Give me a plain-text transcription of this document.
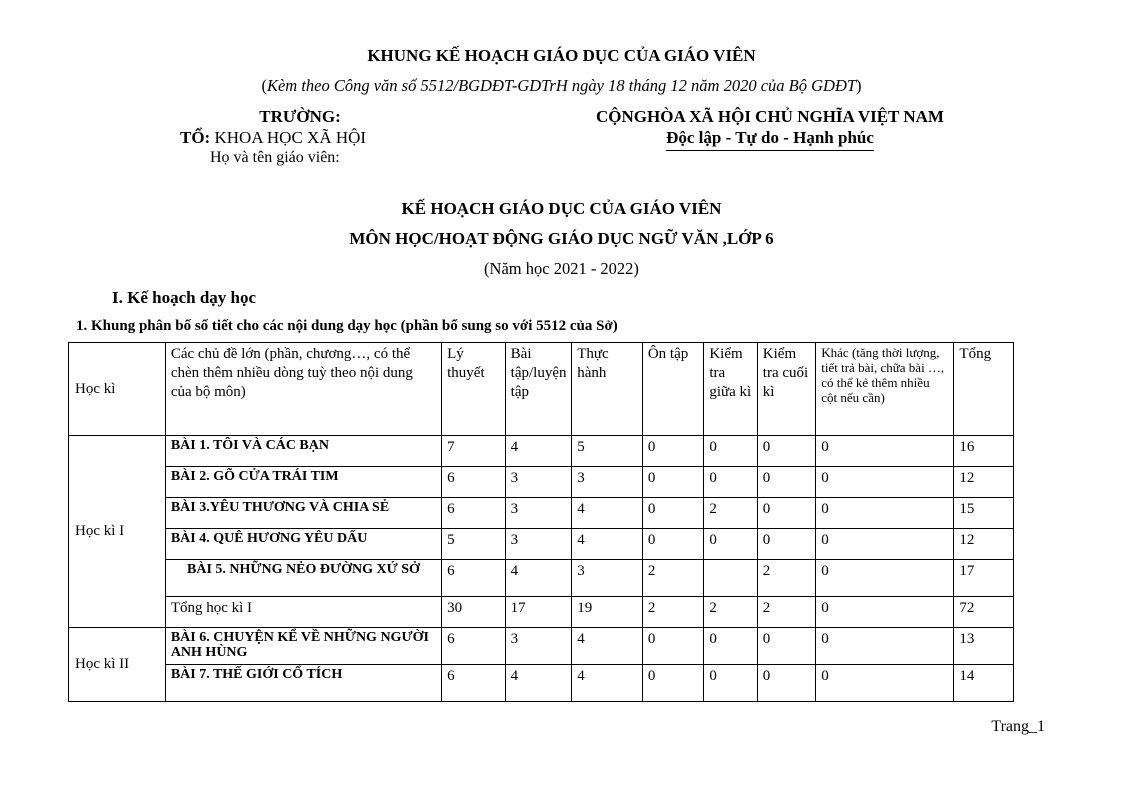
KHUNG KẾ HOẠCH GIÁO DỤC CỦA GIÁO VIÊN
(Kèm theo Công văn số 5512/BGDĐT-GDTrH ngày 18 tháng 12 năm 2020 của Bộ GDĐT)
TRƯỜNG:
TỔ: KHOA HỌC XÃ HỘI
Họ và tên giáo viên:
CỘNGHÒA XÃ HỘI CHỦ NGHĨA VIỆT NAM
Độc lập - Tự do - Hạnh phúc
KẾ HOẠCH GIÁO DỤC CỦA GIÁO VIÊN
MÔN HỌC/HOẠT ĐỘNG GIÁO DỤC NGỮ VĂN ,LỚP 6
(Năm học 2021 - 2022)
I. Kế hoạch dạy học
1. Khung phân bố số tiết cho các nội dung dạy học (phần bổ sung so với 5512 của Sở)
Học kì	Các chủ đề lớn (phần, chương…, có thể chèn thêm nhiều dòng tuỳ theo nội dung của bộ môn)	Lý thuyết	Bài tập/luyện tập	Thực hành	Ôn tập	Kiểm tra giữa kì	Kiểm tra cuối kì	Khác (tăng thời lượng, tiết trả bài, chữa bài …, có thể kẻ thêm nhiều cột nếu cần)	Tổng
Học kì I	BÀI 1. TÔI VÀ CÁC BẠN	7	4	5	0	0	0	0	16
	BÀI 2. GÕ CỬA TRÁI TIM	6	3	3	0	0	0	0	12
	BÀI 3.YÊU THƯƠNG VÀ CHIA SẺ	6	3	4	0	2	0	0	15
	BÀI 4. QUÊ HƯƠNG YÊU DẤU	5	3	4	0	0	0	0	12
	BÀI 5. NHỮNG NẺO ĐƯỜNG XỨ SỞ	6	4	3	2		2	0	17
	Tổng học kì I	30	17	19	2	2	2	0	72
Học kì II	BÀI 6. CHUYỆN KỂ VỀ NHỮNG NGƯỜI ANH HÙNG	6	3	4	0	0	0	0	13
	BÀI 7. THẾ GIỚI CỔ TÍCH	6	4	4	0	0	0	0	14
Trang_1
